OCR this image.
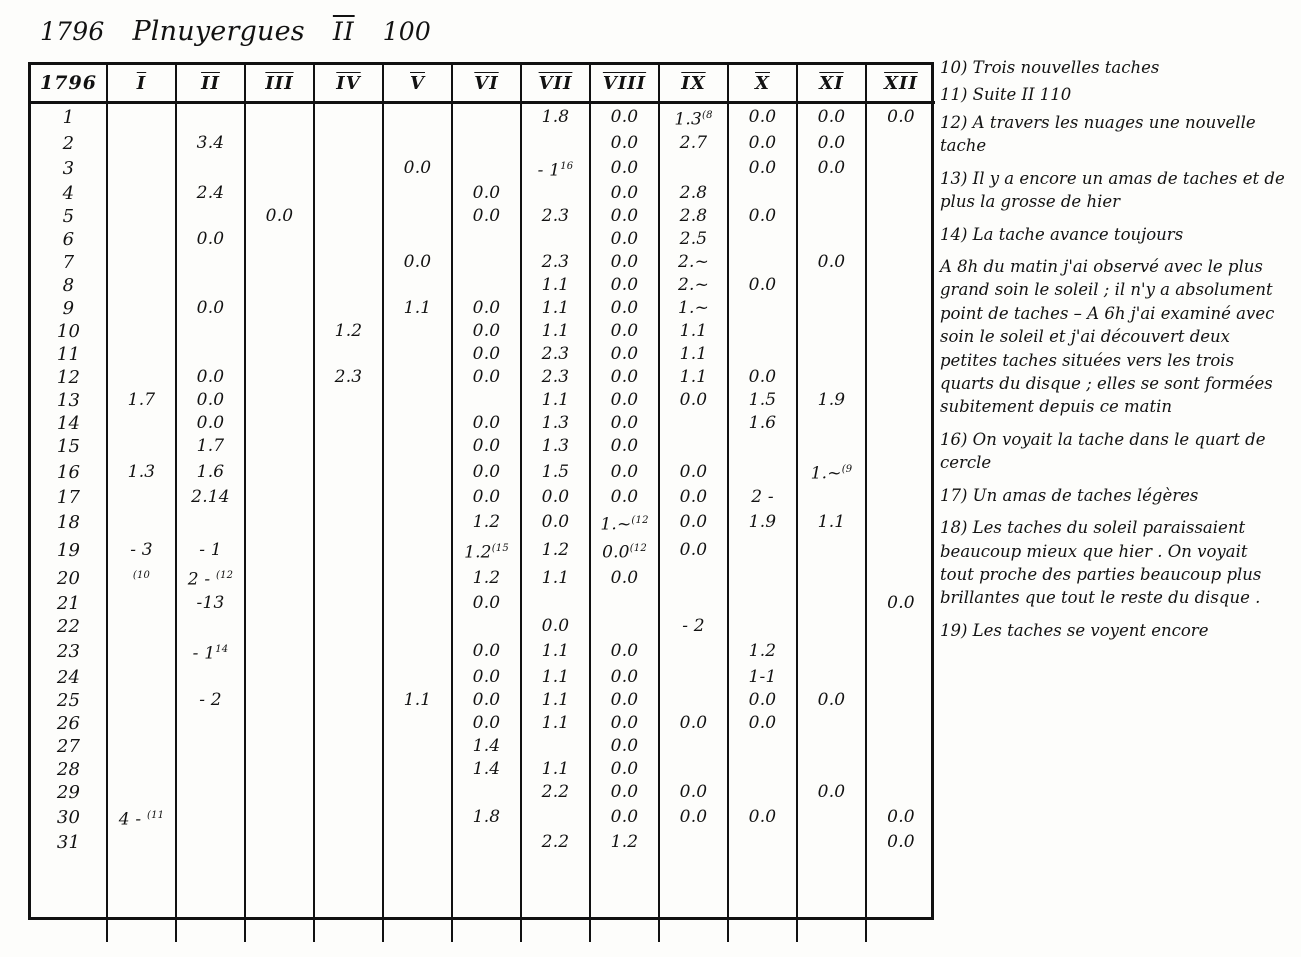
1796 Plnuyergues $\overline{II}$ 100
1796	$\overline{I}$	$\overline{II}$	$\overline{III}$	$\overline{IV}$	$\overline{V}$	$\overline{VI}$	$\overline{VII}$	VIII	$\overline{IX}$	$\overline{X}$	$\overline{XI}$	$\overline{XII}$
1							1.8	0.0	1.3$^{(8}$	0.0	0.0	0.0
2		3.4						0.0	2.7	0.0	0.0	
3					0.0		- $1^{16}$	0.0		0.0	0.0	
4		2.4				0.0		0.0	2.8			
5			0.0			0.0	2.3	0.0	2.8	0.0		
6		0.0						0.0	2.5			
7					0.0		2.3	0.0	2.~		0.0	
8							1.1	0.0	2.~	0.0		
9		0.0			1.1	0.0	1.1	0.0	1.~			
10				1.2		0.0	1.1	0.0	1.1			
11						0.0	2.3	0.0	1.1			
12		0.0		2.3		0.0	2.3	0.0	1.1	0.0		
13	1.7	0.0					1.1	0.0	0.0	1.5	1.9	
14		0.0				0.0	1.3	0.0		1.6		
15		1.7				0.0	1.3	0.0				
16	1.3	1.6				0.0	1.5	0.0	0.0		1.~$^{(9}$	
17		2.14				0.0	0.0	0.0	0.0	2 -		
18						1.2	0.0	1.~$^{(12}$	0.0	1.9	1.1	
19	- 3	- 1				1.2$^{(15}$	1.2	0.0$^{(12}$	0.0			
20	$^{(10}$	2 - $^{(12}$				1.2	1.1	0.0				
21		-13				0.0						0.0
22							0.0		- 2			
23		- $1^{14}$				0.0	1.1	0.0		1.2		
24						0.0	1.1	0.0		1-1		
25		- 2			1.1	0.0	1.1	0.0		0.0	0.0	
26						0.0	1.1	0.0	0.0	0.0		
27						1.4		0.0				
28						1.4	1.1	0.0				
29							2.2	0.0	0.0		0.0	
30	4 - $^{(11}$					1.8		0.0	0.0	0.0		0.0
31							2.2	1.2				0.0

10) Trois nouvelles taches
11) Suite II 110
12) A travers les nuages une nouvelle tache
13) Il y a encore un amas de taches et de plus la grosse de hier
14) La tache avance toujours
A 8h du matin j'ai observé avec le plus grand soin le soleil ; il n'y a absolument point de taches – A 6h j'ai examiné avec soin le soleil et j'ai découvert deux petites taches situées vers les trois quarts du disque ; elles se sont formées subitement depuis ce matin
16) On voyait la tache dans le quart de cercle
17) Un amas de taches légères
18) Les taches du soleil paraissaient beaucoup mieux que hier . On voyait tout proche des parties beaucoup plus brillantes que tout le reste du disque .
19) Les taches se voyent encore
